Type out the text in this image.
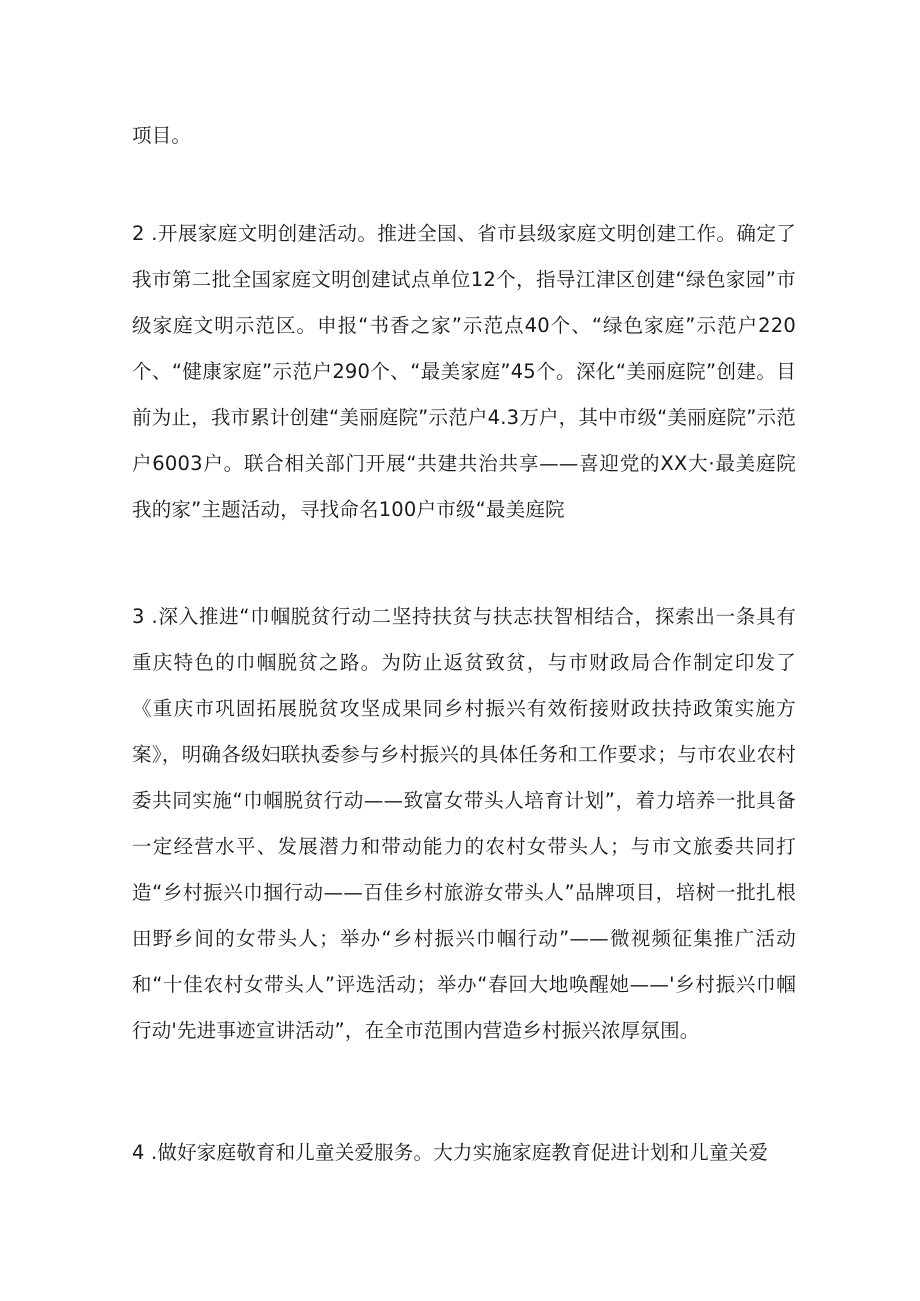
项目。

2 .开展家庭文明创建活动。推进全国、省市县级家庭文明创建工作。确定了我市第二批全国家庭文明创建试点单位12个，指导江津区创建“绿色家园”市级家庭文明示范区。申报“书香之家”示范点40个、“绿色家庭”示范户220个、“健康家庭”示范户290个、“最美家庭”45个。深化“美丽庭院”创建。目前为止，我市累计创建“美丽庭院”示范户4.3万户，其中市级“美丽庭院”示范户6003户。联合相关部门开展“共建共治共享——喜迎党的XX大·最美庭院我的家”主题活动，寻找命名100户市级“最美庭院

3 .深入推进“巾帼脱贫行动二坚持扶贫与扶志扶智相结合，探索出一条具有重庆特色的巾帼脱贫之路。为防止返贫致贫，与市财政局合作制定印发了《重庆市巩固拓展脱贫攻坚成果同乡村振兴有效衔接财政扶持政策实施方案》，明确各级妇联执委参与乡村振兴的具体任务和工作要求；与市农业农村委共同实施“巾帼脱贫行动——致富女带头人培育计划”，着力培养一批具备一定经营水平、发展潜力和带动能力的农村女带头人；与市文旅委共同打造“乡村振兴巾掴行动——百佳乡村旅游女带头人”品牌项目，培树一批扎根田野乡间的女带头人；举办“乡村振兴巾帼行动”——微视频征集推广活动和“十佳农村女带头人”评选活动；举办“春回大地唤醒她——'乡村振兴巾帼行动'先进事迹宣讲活动”，在全市范围内营造乡村振兴浓厚氛围。

4 .做好家庭敬育和儿童关爱服务。大力实施家庭教育促进计划和儿童关爱
